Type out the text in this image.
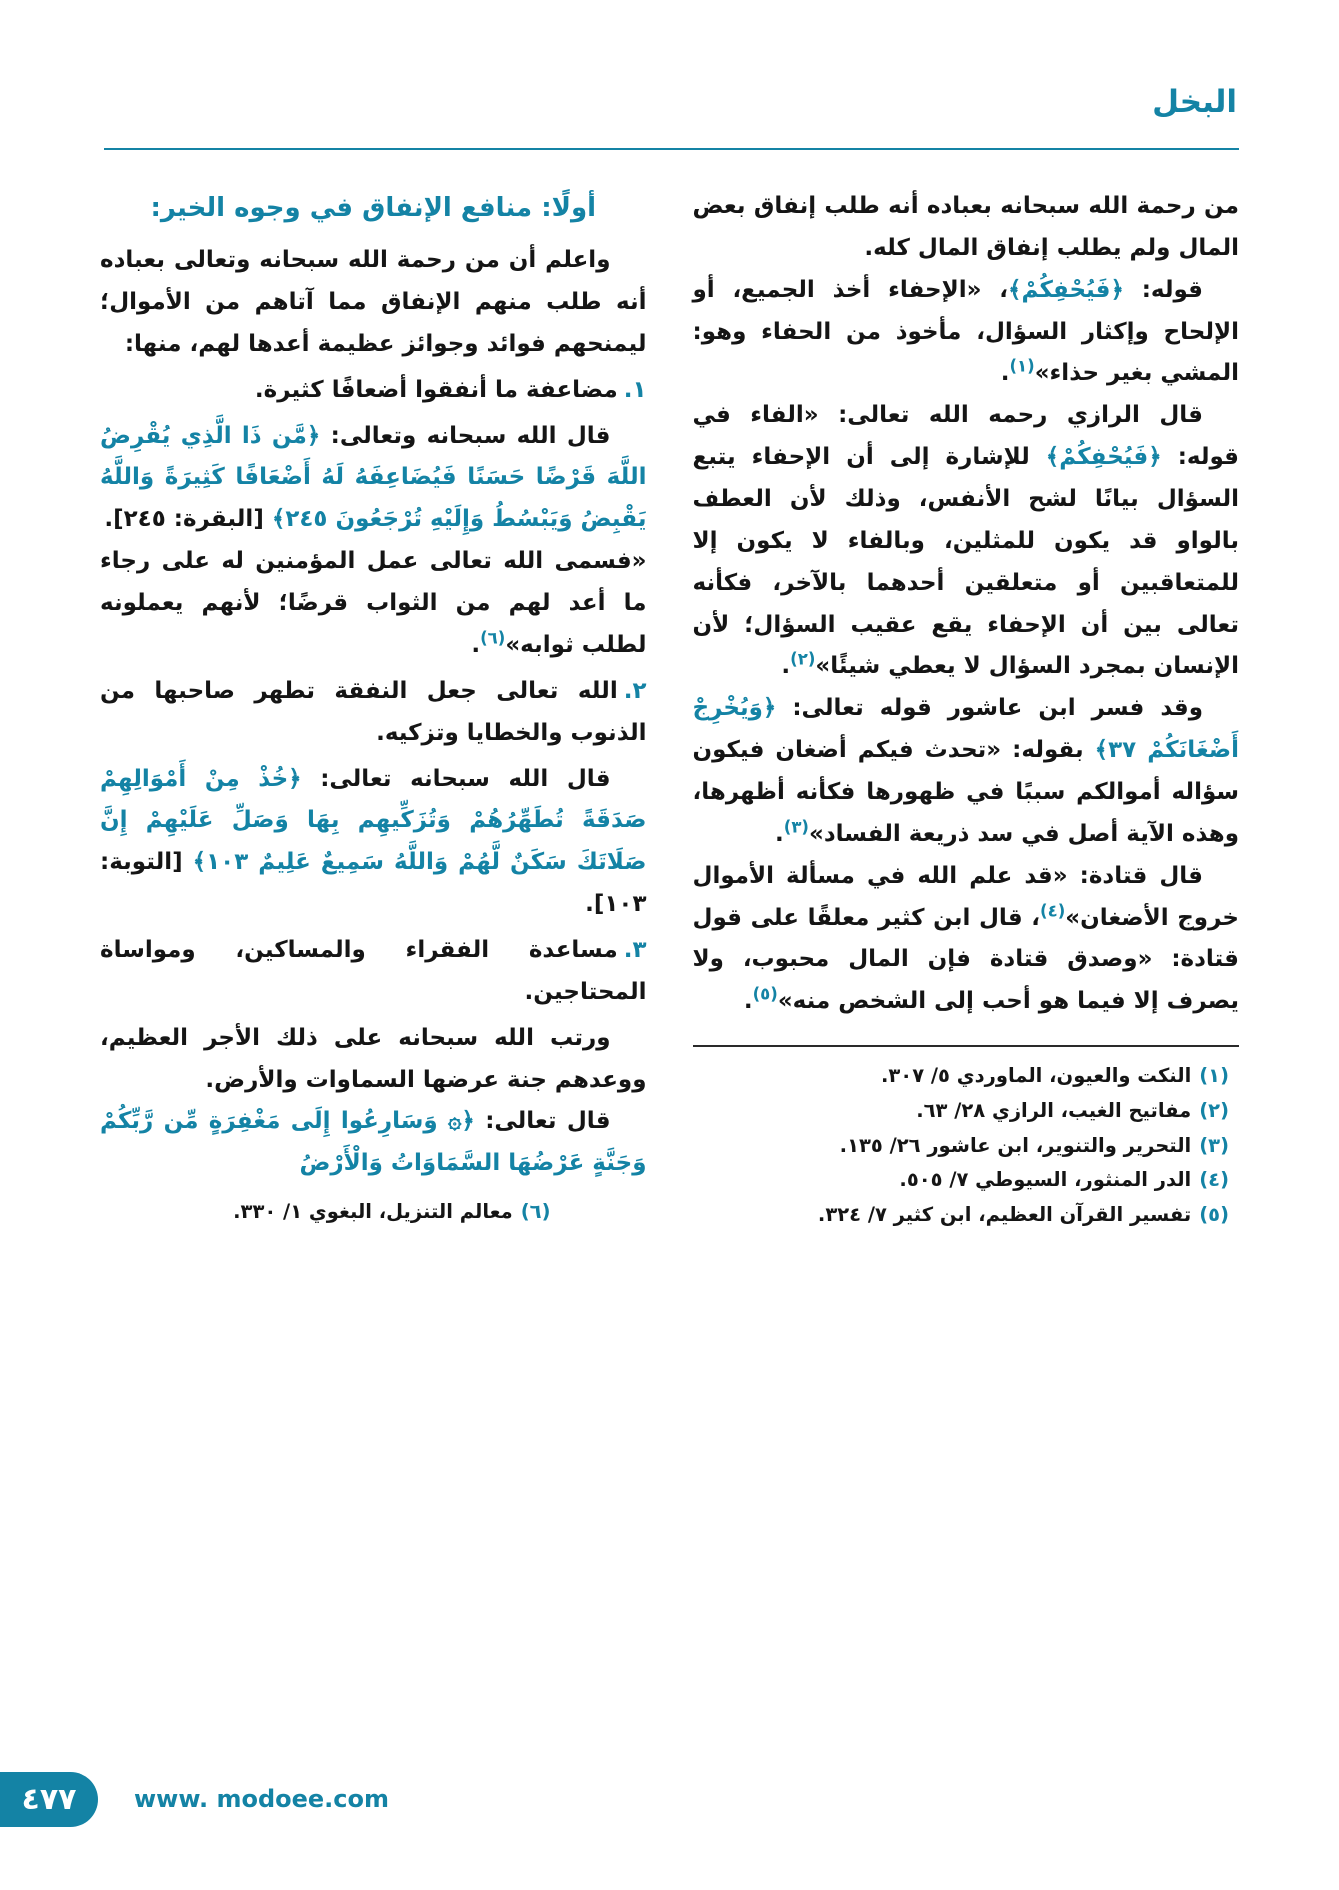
البخل

من رحمة الله سبحانه بعباده أنه طلب إنفاق بعض المال ولم يطلب إنفاق المال كله.

قوله: ﴿فَيُحْفِكُمْ﴾، «الإحفاء أخذ الجميع، أو الإلحاح وإكثار السؤال، مأخوذ من الحفاء وهو: المشي بغير حذاء»$^{(١)}$.

قال الرازي رحمه الله تعالى: «الفاء في قوله: ﴿فَيُحْفِكُمْ﴾ للإشارة إلى أن الإحفاء يتبع السؤال بيانًا لشح الأنفس، وذلك لأن العطف بالواو قد يكون للمثلين، وبالفاء لا يكون إلا للمتعاقبين أو متعلقين أحدهما بالآخر، فكأنه تعالى بين أن الإحفاء يقع عقيب السؤال؛ لأن الإنسان بمجرد السؤال لا يعطي شيئًا»$^{(٢)}$.

وقد فسر ابن عاشور قوله تعالى: ﴿وَيُخْرِجْ أَضْغَانَكُمْ ٣٧﴾ بقوله: «تحدث فيكم أضغان فيكون سؤاله أموالكم سببًا في ظهورها فكأنه أظهرها، وهذه الآية أصل في سد ذريعة الفساد»$^{(٣)}$.

قال قتادة: «قد علم الله في مسألة الأموال خروج الأضغان»$^{(٤)}$، قال ابن كثير معلقًا على قول قتادة: «وصدق قتادة فإن المال محبوب، ولا يصرف إلا فيما هو أحب إلى الشخص منه»$^{(٥)}$.

(١)النكت والعيون، الماوردي ٥/ ٣٠٧.
(٢)مفاتيح الغيب، الرازي ٢٨/ ٦٣.
(٣)التحرير والتنوير، ابن عاشور ٢٦/ ١٣٥.
(٤)الدر المنثور، السيوطي ٧/ ٥٠٥.
(٥)تفسير القرآن العظيم، ابن كثير ٧/ ٣٢٤.
أولًا: منافع الإنفاق في وجوه الخير:

واعلم أن من رحمة الله سبحانه وتعالى بعباده أنه طلب منهم الإنفاق مما آتاهم من الأموال؛ ليمنحهم فوائد وجوائز عظيمة أعدها لهم، منها:

١.مضاعفة ما أنفقوا أضعافًا كثيرة.

قال الله سبحانه وتعالى: ﴿مَّن ذَا الَّذِي يُقْرِضُ اللَّهَ قَرْضًا حَسَنًا فَيُضَاعِفَهُ لَهُ أَضْعَافًا كَثِيرَةً وَاللَّهُ يَقْبِضُ وَيَبْسُطُ وَإِلَيْهِ تُرْجَعُونَ ٢٤٥﴾ [البقرة: ٢٤٥].

«فسمى الله تعالى عمل المؤمنين له على رجاء ما أعد لهم من الثواب قرضًا؛ لأنهم يعملونه لطلب ثوابه»$^{(٦)}$.

٢.الله تعالى جعل النفقة تطهر صاحبها من الذنوب والخطايا وتزكيه.

قال الله سبحانه تعالى: ﴿خُذْ مِنْ أَمْوَالِهِمْ صَدَقَةً تُطَهِّرُهُمْ وَتُزَكِّيهِم بِهَا وَصَلِّ عَلَيْهِمْ إِنَّ صَلَاتَكَ سَكَنٌ لَّهُمْ وَاللَّهُ سَمِيعٌ عَلِيمٌ ١٠٣﴾ [التوبة: ١٠٣].

٣.مساعدة الفقراء والمساكين، ومواساة المحتاجين.

ورتب الله سبحانه على ذلك الأجر العظيم، ووعدهم جنة عرضها السماوات والأرض.

قال تعالى: ﴿۞ وَسَارِعُوا إِلَى مَغْفِرَةٍ مِّن رَّبِّكُمْ وَجَنَّةٍ عَرْضُهَا السَّمَاوَاتُ وَالْأَرْضُ

(٦)معالم التنزيل، البغوي ١/ ٣٣٠.
٤٧٧ www. modoee.com
